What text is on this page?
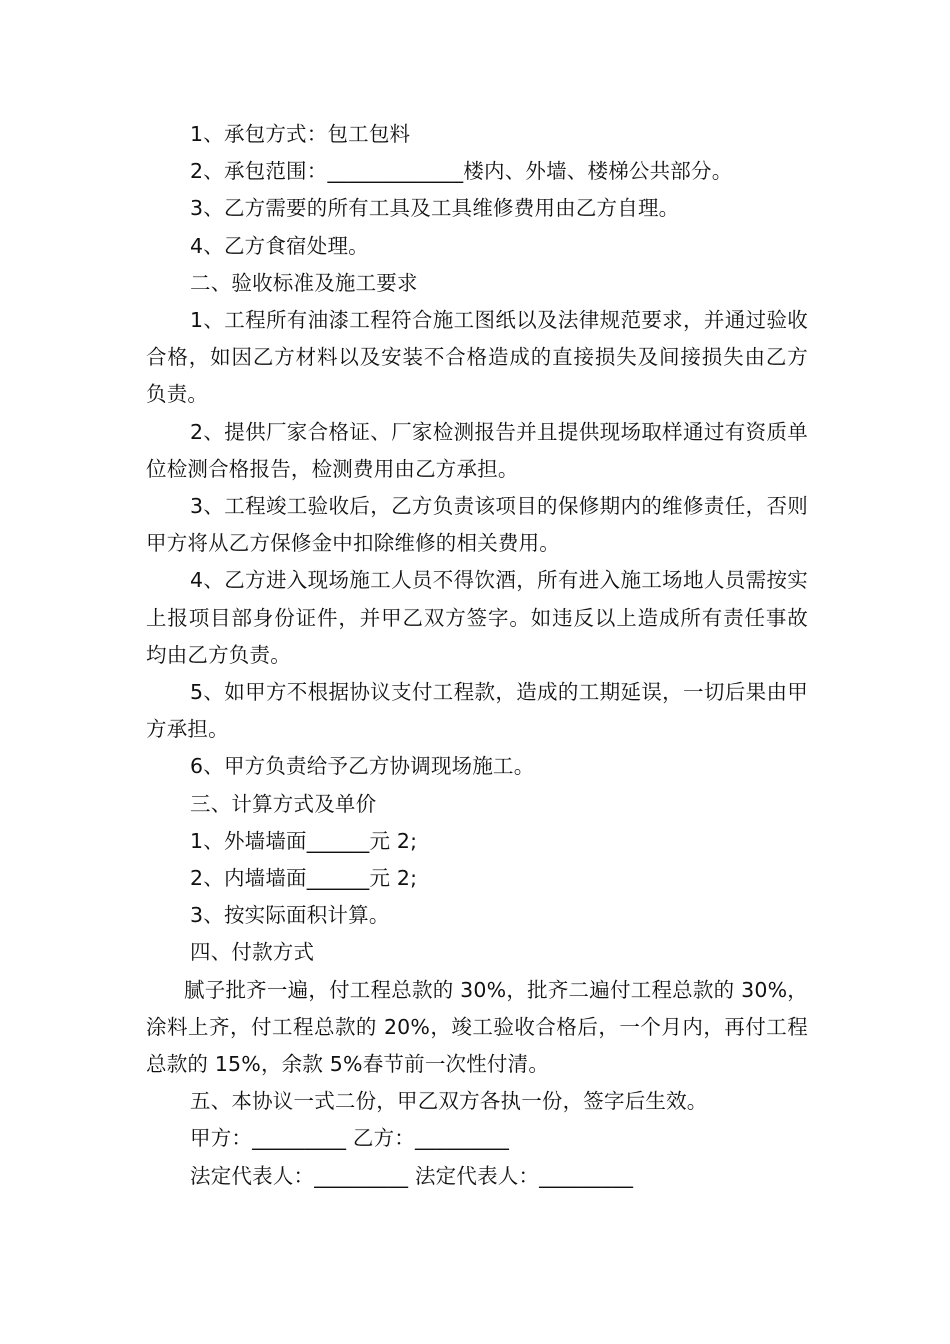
1、承包方式：包工包料

2、承包范围：_____________楼内、外墙、楼梯公共部分。

3、乙方需要的所有工具及工具维修费用由乙方自理。

4、乙方食宿处理。

二、验收标准及施工要求

1、工程所有油漆工程符合施工图纸以及法律规范要求，并通过验收合格，如因乙方材料以及安装不合格造成的直接损失及间接损失由乙方负责。

2、提供厂家合格证、厂家检测报告并且提供现场取样通过有资质单位检测合格报告，检测费用由乙方承担。

3、工程竣工验收后，乙方负责该项目的保修期内的维修责任，否则甲方将从乙方保修金中扣除维修的相关费用。

4、乙方进入现场施工人员不得饮酒，所有进入施工场地人员需按实上报项目部身份证件，并甲乙双方签字。如违反以上造成所有责任事故均由乙方负责。

5、如甲方不根据协议支付工程款，造成的工期延误，一切后果由甲方承担。

6、甲方负责给予乙方协调现场施工。

三、计算方式及单价

1、外墙墙面______元 2;

2、内墙墙面______元 2;

3、按实际面积计算。

四、付款方式

腻子批齐一遍，付工程总款的 30%，批齐二遍付工程总款的 30%，涂料上齐，付工程总款的 20%，竣工验收合格后，一个月内，再付工程总款的 15%，余款 5%春节前一次性付清。

五、本协议一式二份，甲乙双方各执一份，签字后生效。

甲方：_________ 乙方：_________

法定代表人：_________ 法定代表人：_________
